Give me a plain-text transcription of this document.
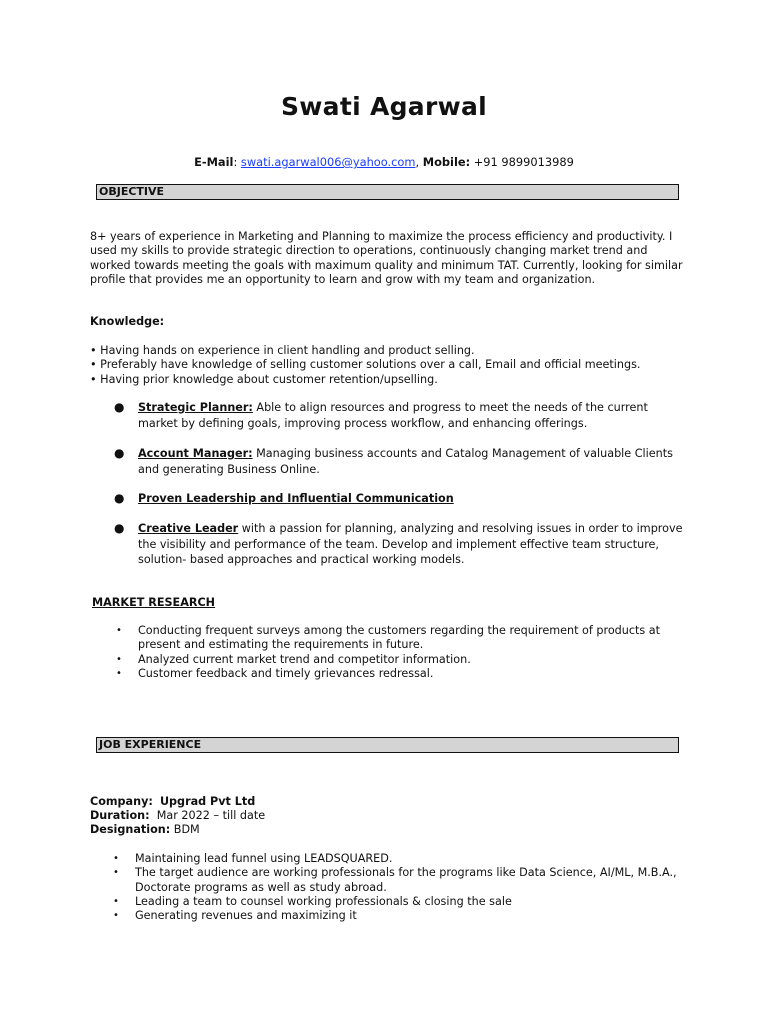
Swati Agarwal
E-Mail: swati.agarwal006@yahoo.com, Mobile: +91 9899013989
OBJECTIVE

8+ years of experience in Marketing and Planning to maximize the process efficiency and productivity. I used my skills to provide strategic direction to operations, continuously changing market trend and worked towards meeting the goals with maximum quality and minimum TAT. Currently, looking for similar profile that provides me an opportunity to learn and grow with my team and organization.

Knowledge:
• Having hands on experience in client handling and product selling.
• Preferably have knowledge of selling customer solutions over a call, Email and official meetings.
• Having prior knowledge about customer retention/upselling.
● Strategic Planner: Able to align resources and progress to meet the needs of the current market by defining goals, improving process workflow, and enhancing offerings.
● Account Manager: Managing business accounts and Catalog Management of valuable Clients and generating Business Online.
● Proven Leadership and Influential Communication
● Creative Leader with a passion for planning, analyzing and resolving issues in order to improve the visibility and performance of the team. Develop and implement effective team structure, solution- based approaches and practical working models.
MARKET RESEARCH
• Conducting frequent surveys among the customers regarding the requirement of products at present and estimating the requirements in future.
• Analyzed current market trend and competitor information.
• Customer feedback and timely grievances redressal.
JOB EXPERIENCE
Company: Upgrad Pvt Ltd
Duration: Mar 2022 – till date
Designation: BDM
• Maintaining lead funnel using LEADSQUARED.
• The target audience are working professionals for the programs like Data Science, AI/ML, M.B.A., Doctorate programs as well as study abroad.
• Leading a team to counsel working professionals & closing the sale
• Generating revenues and maximizing it
